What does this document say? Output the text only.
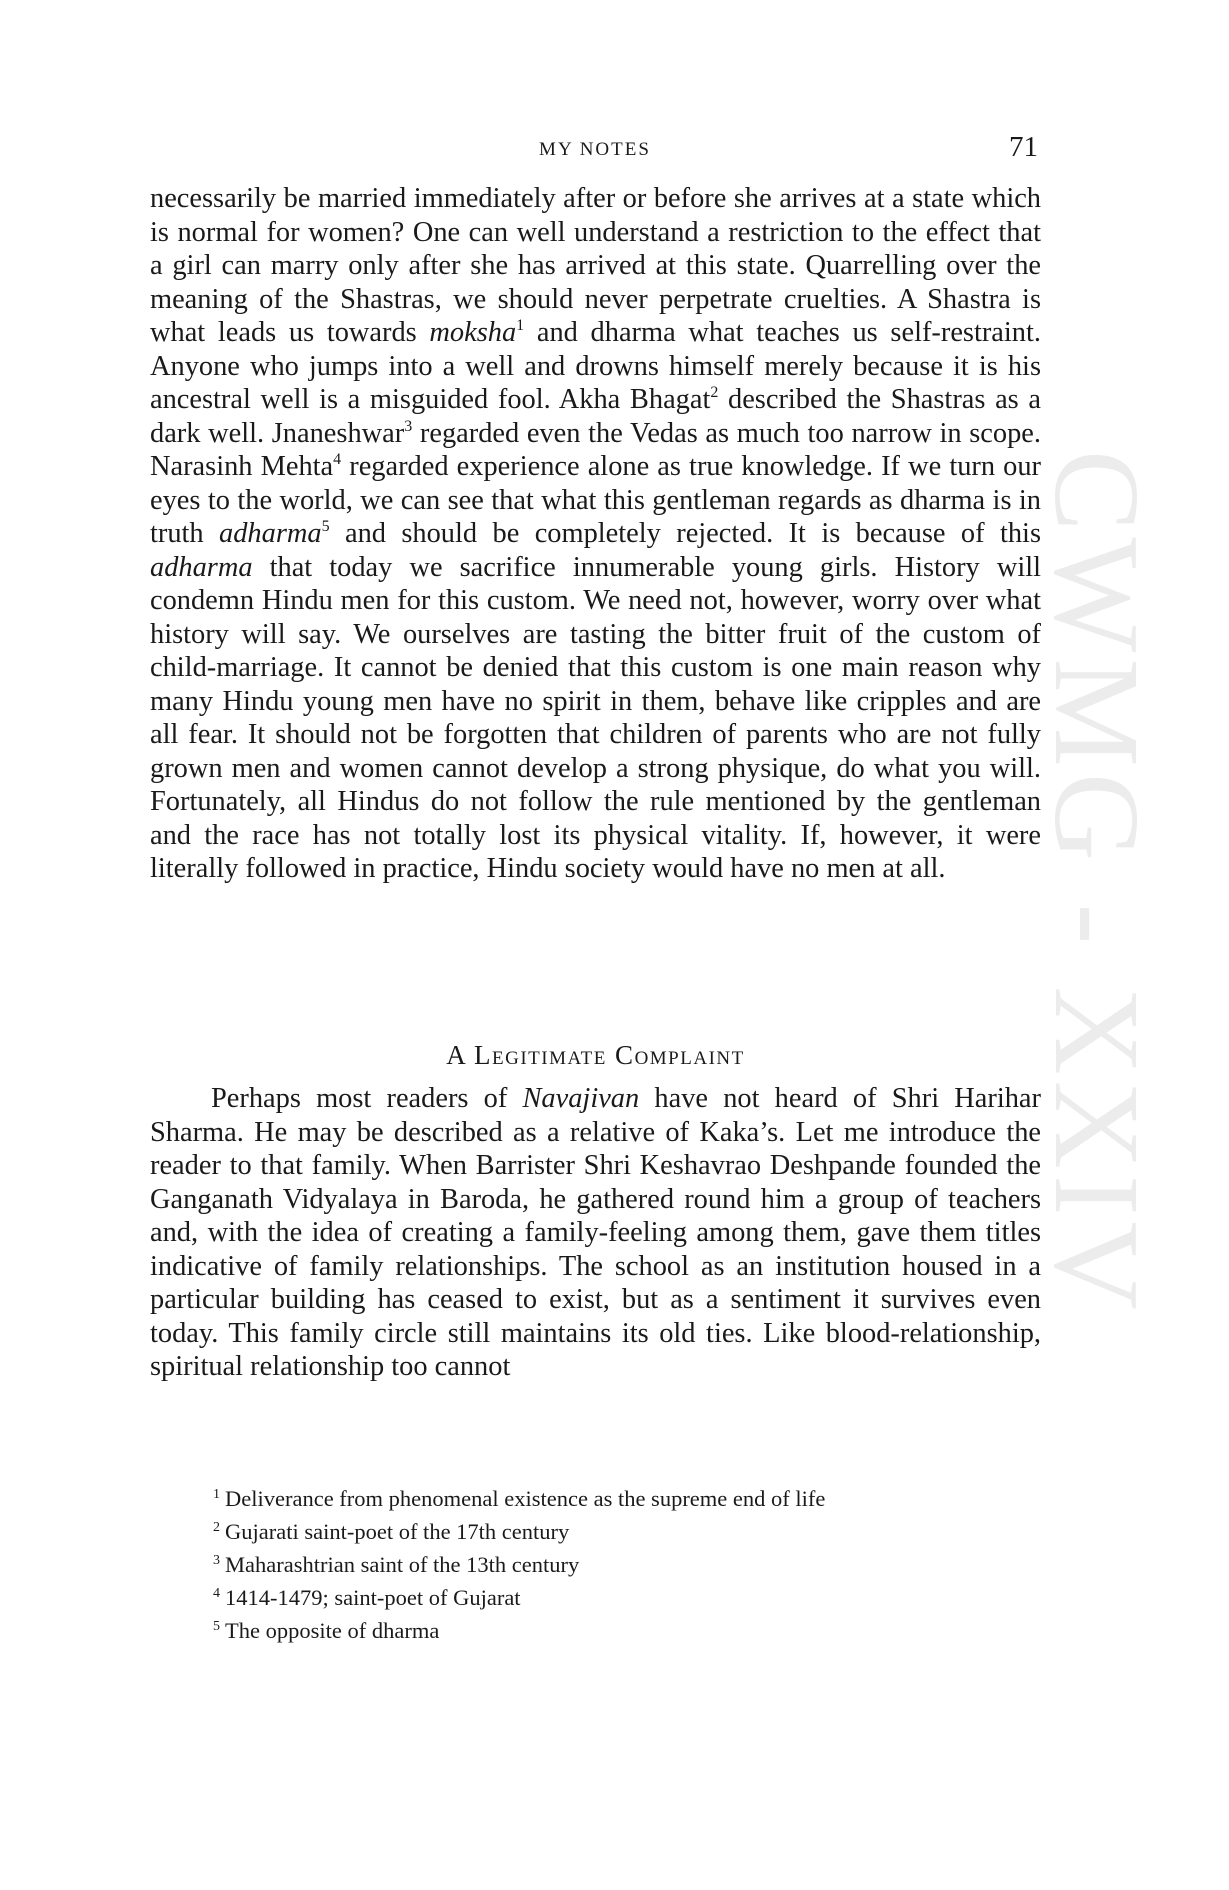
CWMG - XXIV
MY NOTES	71

necessarily be married immediately after or before she arrives at a state which is normal for women? One can well understand a restriction to the effect that a girl can marry only after she has arrived at this state. Quarrelling over the meaning of the Shastras, we should never perpetrate cruelties. A Shastra is what leads us towards moksha$^1$ and dharma what teaches us self-restraint. Anyone who jumps into a well and drowns himself merely because it is his ancestral well is a misguided fool. Akha Bhagat$^2$ described the Shastras as a dark well. Jnaneshwar$^3$ regarded even the Vedas as much too narrow in scope. Narasinh Mehta$^4$ regarded experience alone as true knowledge. If we turn our eyes to the world, we can see that what this gentleman regards as dharma is in truth adharma$^5$ and should be completely rejected. It is because of this adharma that today we sacrifice innumerable young girls. History will condemn Hindu men for this custom. We need not, however, worry over what history will say. We ourselves are tasting the bitter fruit of the custom of child-marriage. It cannot be denied that this custom is one main reason why many Hindu young men have no spirit in them, behave like cripples and are all fear. It should not be forgotten that children of parents who are not fully grown men and women cannot develop a strong physique, do what you will. Fortunately, all Hindus do not follow the rule mentioned by the gentleman and the race has not totally lost its physical vitality. If, however, it were literally followed in practice, Hindu society would have no men at all.

A Legitimate Complaint

Perhaps most readers of Navajivan have not heard of Shri Harihar Sharma. He may be described as a relative of Kaka’s. Let me introduce the reader to that family. When Barrister Shri Keshavrao Deshpande founded the Ganganath Vidyalaya in Baroda, he gathered round him a group of teachers and, with the idea of creating a family-feeling among them, gave them titles indicative of family relationships. The school as an institution housed in a particular building has ceased to exist, but as a sentiment it survives even today. This family circle still maintains its old ties. Like blood-relationship, spiritual relationship too cannot

$^1$ Deliverance from phenomenal existence as the supreme end of life
$^2$ Gujarati saint-poet of the 17th century
$^3$ Maharashtrian saint of the 13th century
$^4$ 1414-1479; saint-poet of Gujarat
$^5$ The opposite of dharma
